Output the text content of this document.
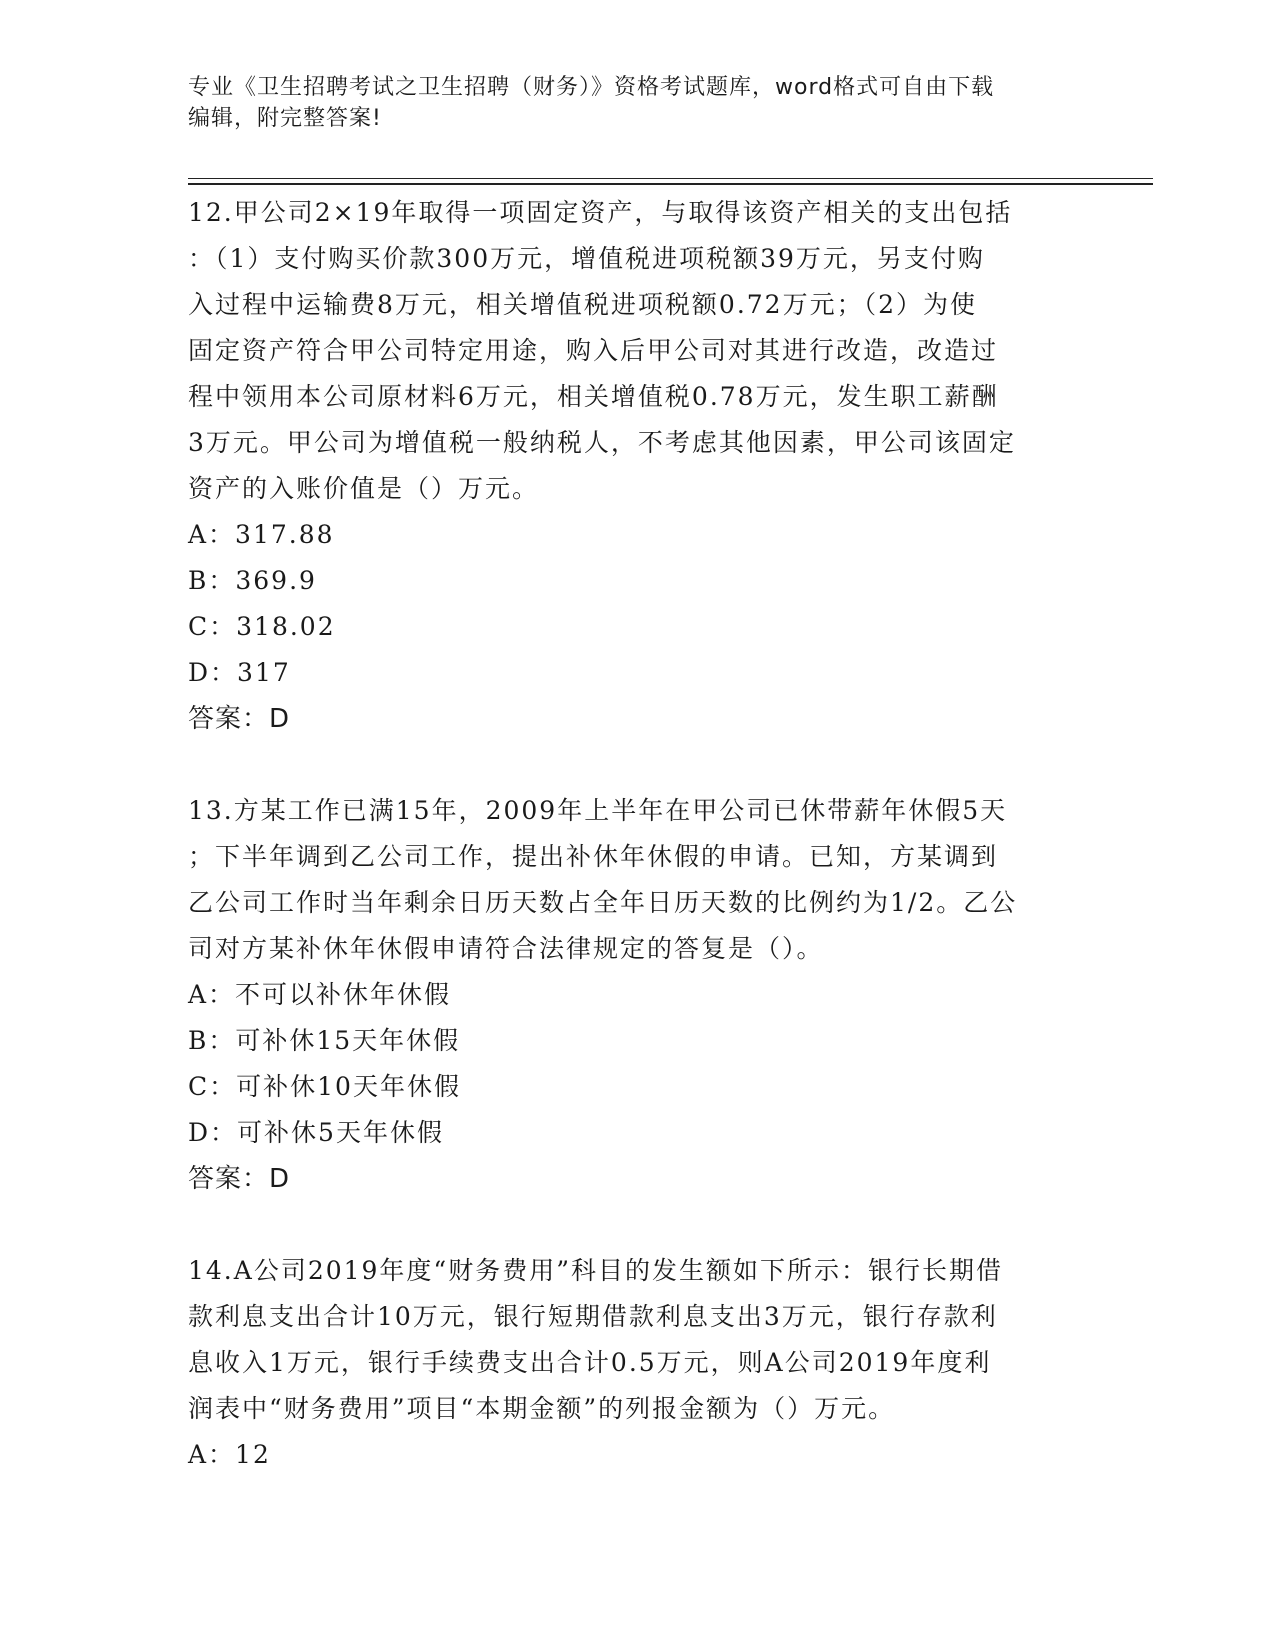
专业《卫生招聘考试之卫生招聘（财务）》资格考试题库，word格式可自由下载
编辑，附完整答案!
12.甲公司2×19年取得一项固定资产，与取得该资产相关的支出包括
：（1）支付购买价款300万元，增值税进项税额39万元，另支付购
入过程中运输费8万元，相关增值税进项税额0.72万元；（2）为使
固定资产符合甲公司特定用途，购入后甲公司对其进行改造，改造过
程中领用本公司原材料6万元，相关增值税0.78万元，发生职工薪酬
3万元。甲公司为增值税一般纳税人，不考虑其他因素，甲公司该固定
资产的入账价值是（）万元。
A：317.88
B：369.9
C：318.02
D：317
答案：D
13.方某工作已满15年，2009年上半年在甲公司已休带薪年休假5天
；下半年调到乙公司工作，提出补休年休假的申请。已知，方某调到
乙公司工作时当年剩余日历天数占全年日历天数的比例约为1/2。乙公
司对方某补休年休假申请符合法律规定的答复是（）。
A：不可以补休年休假
B：可补休15天年休假
C：可补休10天年休假
D：可补休5天年休假
答案：D
14.A公司2019年度“财务费用”科目的发生额如下所示：银行长期借
款利息支出合计10万元，银行短期借款利息支出3万元，银行存款利
息收入1万元，银行手续费支出合计0.5万元，则A公司2019年度利
润表中“财务费用”项目“本期金额”的列报金额为（）万元。
A：12
